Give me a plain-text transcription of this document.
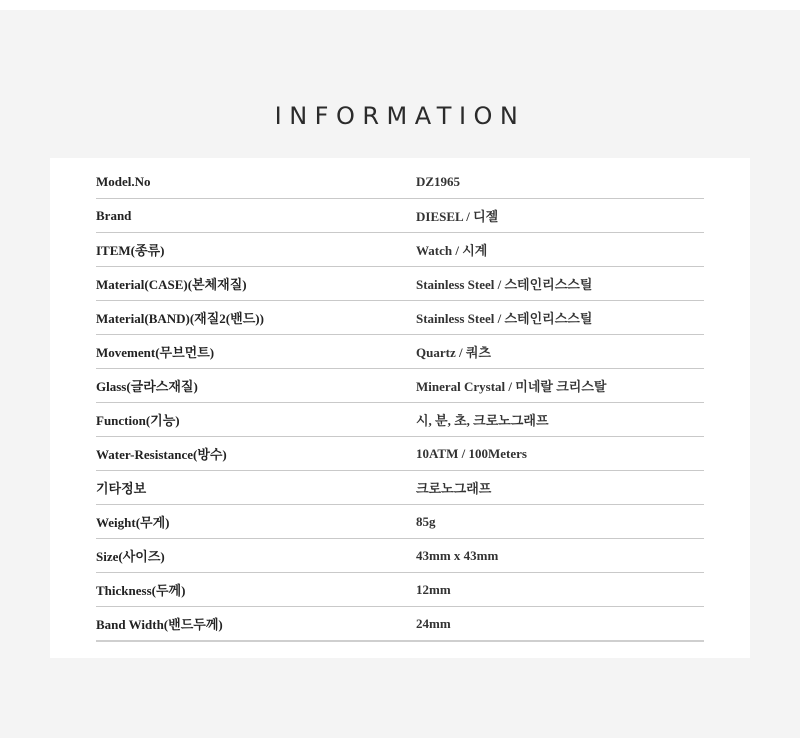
INFORMATION
Model.No	DZ1965
Brand	DIESEL / 디젤
ITEM(종류)	Watch / 시계
Material(CASE)(본체재질)	Stainless Steel / 스테인리스스틸
Material(BAND)(재질2(밴드))	Stainless Steel / 스테인리스스틸
Movement(무브먼트)	Quartz / 쿼츠
Glass(글라스재질)	Mineral Crystal / 미네랄 크리스탈
Function(기능)	시, 분, 초, 크로노그래프
Water-Resistance(방수)	10ATM / 100Meters
기타정보	크로노그래프
Weight(무게)	85g
Size(사이즈)	43mm x 43mm
Thickness(두께)	12mm
Band Width(밴드두께)	24mm
